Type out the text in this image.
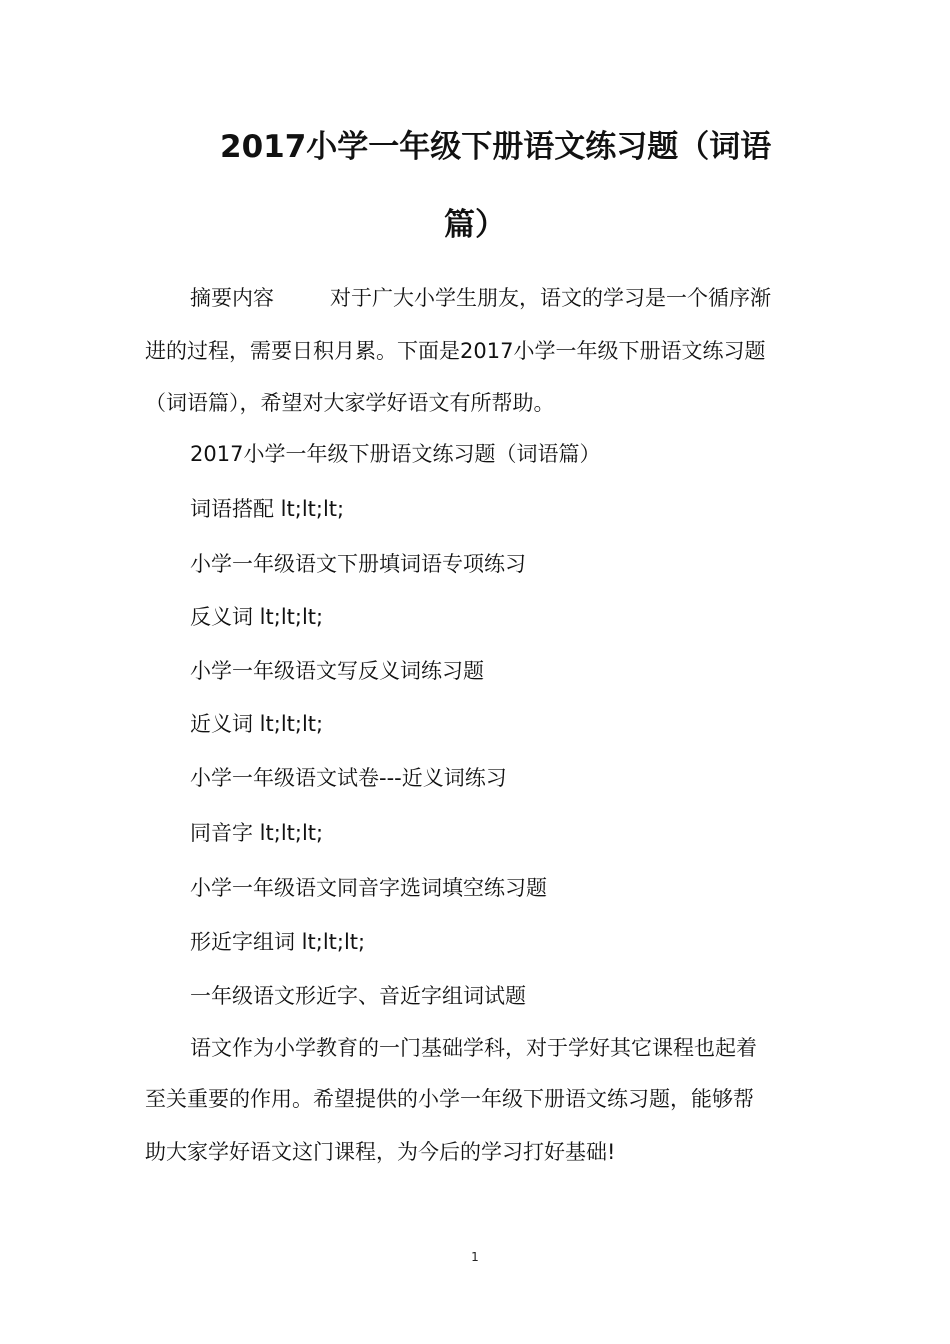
2017小学一年级下册语文练习题（词语
篇）

摘要内容	对于广大小学生朋友，语文的学习是一个循序渐

进的过程，需要日积月累。下面是2017小学一年级下册语文练习题

（词语篇），希望对大家学好语文有所帮助。

2017小学一年级下册语文练习题（词语篇）

词语搭配 lt;lt;lt;

小学一年级语文下册填词语专项练习

反义词 lt;lt;lt;

小学一年级语文写反义词练习题

近义词 lt;lt;lt;

小学一年级语文试卷---近义词练习

同音字 lt;lt;lt;

小学一年级语文同音字选词填空练习题

形近字组词 lt;lt;lt;

一年级语文形近字、音近字组词试题

语文作为小学教育的一门基础学科，对于学好其它课程也起着

至关重要的作用。希望提供的小学一年级下册语文练习题，能够帮

助大家学好语文这门课程，为今后的学习打好基础!

1
